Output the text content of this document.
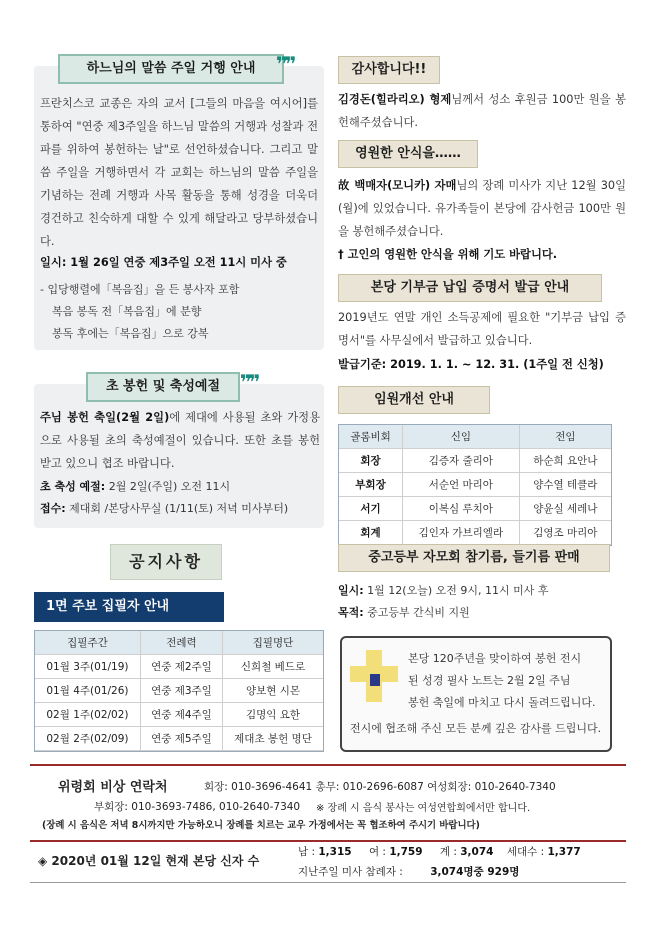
하느님의 말씀 주일 거행 안내	❞❞
프란치스코 교종은 자의 교서 [그들의 마음을 여시어]를 통하여 "연중 제3주일을 하느님 말씀의 거행과 성찰과 전파를 위하여 봉헌하는 날"로 선언하셨습니다. 그리고 말씀 주일을 거행하면서 각 교회는 하느님의 말씀 주일을 기념하는 전례 거행과 사목 활동을 통해 성경을 더욱더 경건하고 친숙하게 대할 수 있게 해달라고 당부하셨습니다.
일시: 1월 26일 연중 제3주일 오전 11시 미사 중
- 입당행렬에「복음집」을 든 봉사자 포함
복음 봉독 전「복음집」에 분향
봉독 후에는「복음집」으로 강복
초 봉헌 및 축성예절 ❞❞
주님 봉헌 축일(2월 2일)에 제대에 사용될 초와 가정용으로 사용될 초의 축성예절이 있습니다. 또한 초를 봉헌 받고 있으니 협조 바랍니다.
초 축성 예절: 2월 2일(주일) 오전 11시
접수: 제대회 /본당사무실 (1/11(토) 저녁 미사부터)
공지사항
1면 주보 집필자 안내
집필주간	전례력	집필명단
01월 3주(01/19)	연중 제2주일	신희철 베드로
01월 4주(01/26)	연중 제3주일	양보현 시몬
02월 1주(02/02)	연중 제4주일	김명익 요한
02월 2주(02/09)	연중 제5주일	제대초 봉헌 명단
감사합니다!!
김경돈(힐라리오) 형제님께서 성소 후원금 100만 원을 봉헌해주셨습니다.
영원한 안식을……
故 백매자(모니카) 자매님의 장례 미사가 지난 12월 30일(월)에 있었습니다. 유가족들이 본당에 감사헌금 100만 원을 봉헌해주셨습니다.
† 고인의 영원한 안식을 위해 기도 바랍니다.
본당 기부금 납입 증명서 발급 안내
2019년도 연말 개인 소득공제에 필요한 "기부금 납입 증명서"를 사무실에서 발급하고 있습니다.
발급기준: 2019. 1. 1. ~ 12. 31. (1주일 전 신청)
임원개선 안내
골롬비회	신임	전임
회장	김증자 줄리아	하순희 요안나
부회장	서순언 마리아	양수열 테클라
서기	이복심 루치아	양윤실 세레나
회계	김인자 가브리엘라	김영조 마리아
중고등부 자모회 참기름, 들기름 판매
일시: 1월 12(오늘) 오전 9시, 11시 미사 후
목적: 중고등부 간식비 지원
본당 120주년을 맞이하여 봉헌 전시
된 성경 필사 노트는 2월 2일 주님
봉헌 축일에 마치고 다시 돌려드립니다.
전시에 협조해 주신 모든 분께 깊은 감사를 드립니다.
위령회 비상 연락처	회장: 010-3696-4641 총무: 010-2696-6087 여성회장: 010-2640-7340
부회장: 010-3693-7486, 010-2640-7340 ※ 장례 시 음식 봉사는 여성연합회에서만 합니다.
(장례 시 음식은 저녁 8시까지만 가능하오니 장례를 치르는 교우 가정에서는 꼭 협조하여 주시기 바랍니다)
◈ 2020년 01월 12일 현재 본당 신자 수
남 : 1,315 여 : 1,759 계 : 3,074 세대수 : 1,377
지난주일 미사 참례자 :	3,074명중 929명
